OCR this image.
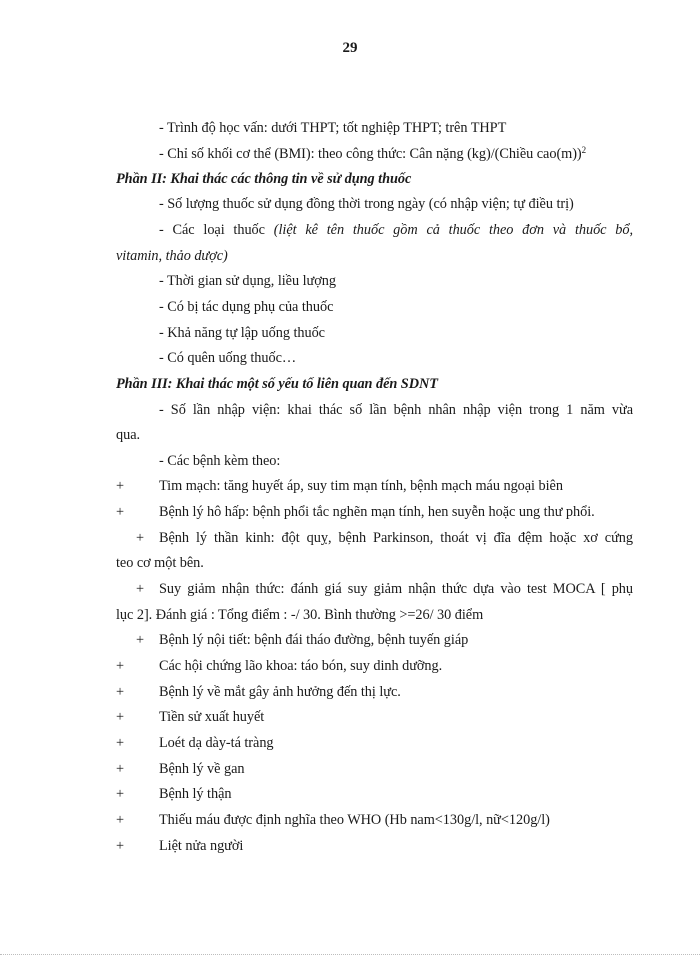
29
- Trình độ học vấn: dưới THPT; tốt nghiệp THPT; trên THPT
- Chỉ số khối cơ thể (BMI): theo công thức: Cân nặng (kg)/(Chiều cao(m))$^2$
Phần II: Khai thác các thông tin về sử dụng thuốc
- Số lượng thuốc sử dụng đồng thời trong ngày (có nhập viện; tự điều trị)
- Các loại thuốc (liệt kê tên thuốc gồm cả thuốc theo đơn và thuốc bổ,
vitamin, thảo dược)
- Thời gian sử dụng, liều lượng
- Có bị tác dụng phụ của thuốc
- Khả năng tự lập uống thuốc
- Có quên uống thuốc…
Phần III: Khai thác một số yếu tố liên quan đến SDNT
- Số lần nhập viện: khai thác số lần bệnh nhân nhập viện trong 1 năm vừa
qua.
- Các bệnh kèm theo:
+ Tim mạch: tăng huyết áp, suy tim mạn tính, bệnh mạch máu ngoại biên
+ Bệnh lý hô hấp: bệnh phổi tắc nghẽn mạn tính, hen suyễn hoặc ung thư phổi.
+ Bệnh lý thần kinh: đột quỵ, bệnh Parkinson, thoát vị đĩa đệm hoặc xơ cứng
teo cơ một bên.
+ Suy giảm nhận thức: đánh giá suy giảm nhận thức dựa vào test MOCA [ phụ
lục 2]. Đánh giá : Tổng điểm : -/ 30. Bình thường >=26/ 30 điểm
+ Bệnh lý nội tiết: bệnh đái tháo đường, bệnh tuyến giáp
+ Các hội chứng lão khoa: táo bón, suy dinh dưỡng.
+ Bệnh lý về mắt gây ảnh hưởng đến thị lực.
+ Tiền sử xuất huyết
+ Loét dạ dày-tá tràng
+ Bệnh lý về gan
+ Bệnh lý thận
+ Thiếu máu được định nghĩa theo WHO (Hb nam<130g/l, nữ<120g/l)
+ Liệt nửa người
